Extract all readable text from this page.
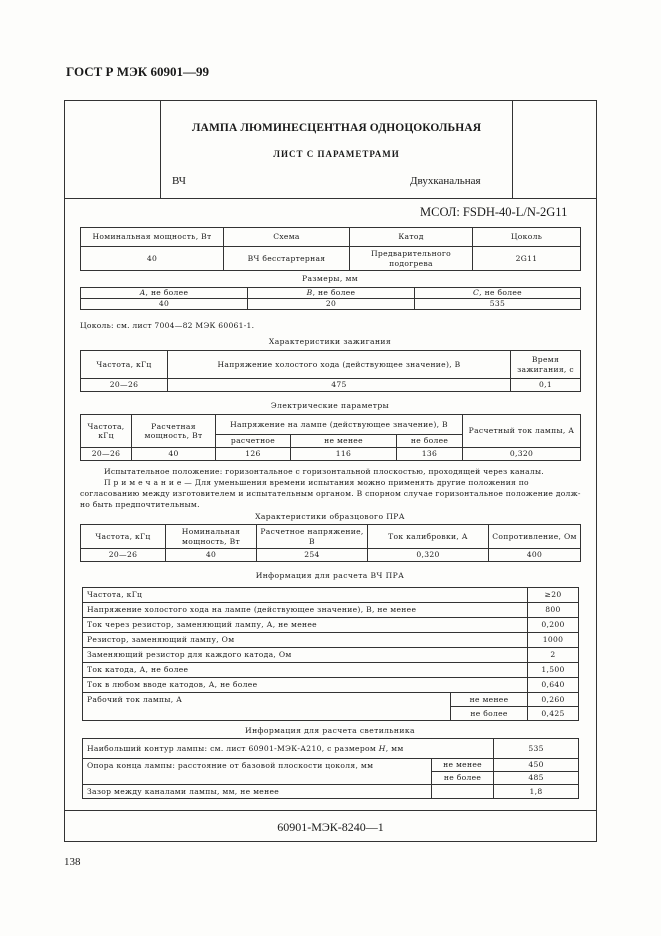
ГОСТ Р МЭК 60901—99
ЛАМПА ЛЮМИНЕСЦЕНТНАЯ ОДНОЦОКОЛЬНАЯ
ЛИСТ С ПАРАМЕТРАМИ
ВЧ	Двухканальная
МСОЛ: FSDH-40-L/N-2G11
Номинальная мощность, Вт	Схема	Катод	Цоколь
40	ВЧ бесстартерная	Предварительного подогрева	2G11
Размеры, мм
A, не более	B, не более	C, не более
40	20	535
Цоколь: см. лист 7004—82 МЭК 60061-1.
Характеристики зажигания
Частота, кГц	Напряжение холостого хода (действующее значение), В	Время зажигания, с
20—26	475	0,1
Электрические параметры
Частота, кГц	Расчетная мощность, Вт	Напряжение на лампе (действующее значение), В			Расчетный ток лампы, А
		расчетное	не менее	не более	
20—26	40	126	116	136	0,320
Испытательное положение: горизонтальное с горизонтальной плоскостью, проходящей через каналы.
П р и м е ч а н и е — Для уменьшения времени испытания можно применять другие положения по
согласованию между изготовителем и испытательным органом. В спорном случае горизонтальное положение долж-
но быть предпочтительным.
Характеристики образцового ПРА
Частота, кГц	Номинальная мощность, Вт	Расчетное напряжение, В	Ток калибровки, А	Сопротивление, Ом
20—26	40	254	0,320	400
Информация для расчета ВЧ ПРА
Частота, кГц		≥20
Напряжение холостого хода на лампе (действующее значение), В, не менее		800
Ток через резистор, заменяющий лампу, А, не менее		0,200
Резистор, заменяющий лампу, Ом		1000
Заменяющий резистор для каждого катода, Ом		2
Ток катода, А, не более		1,500
Ток в любом вводе катодов, А, не более		0,640
Рабочий ток лампы, А	не менее	0,260
	не более	0,425
Информация для расчета светильника
Наибольший контур лампы: см. лист 60901-МЭК-А210, с размером H, мм		535
Опора конца лампы: расстояние от базовой плоскости цоколя, мм	не менее	450
	не более	485
Зазор между каналами лампы, мм, не менее		1,8
60901-МЭК-8240—1
138
